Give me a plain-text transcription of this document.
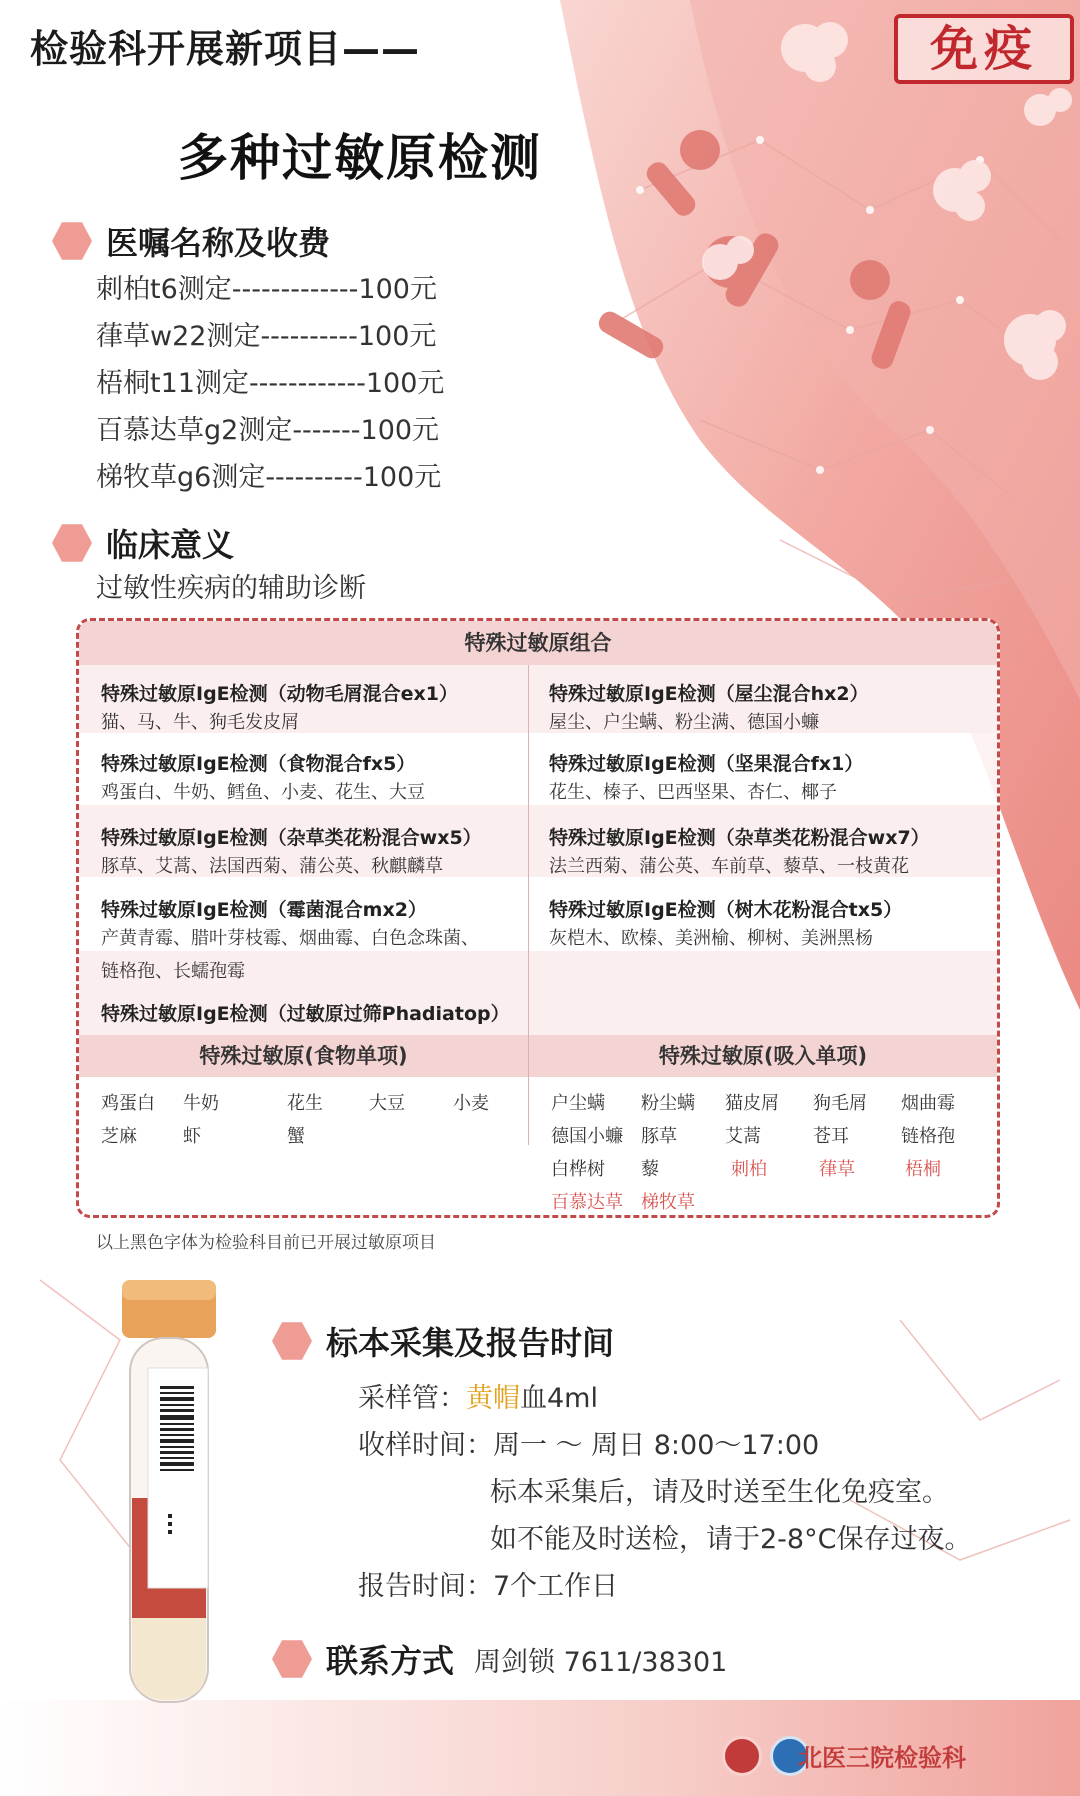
检验科开展新项目——	免疫
多种过敏原检测
医嘱名称及收费
刺柏t6测定-------------100元
葎草w22测定----------100元
梧桐t11测定------------100元
百慕达草g2测定-------100元
梯牧草g6测定----------100元
临床意义
过敏性疾病的辅助诊断
特殊过敏原组合
特殊过敏原IgE检测（动物毛屑混合ex1）
猫、马、牛、狗毛发皮屑
特殊过敏原IgE检测（屋尘混合hx2）
屋尘、户尘螨、粉尘满、德国小蠊
特殊过敏原IgE检测（食物混合fx5）
鸡蛋白、牛奶、鳕鱼、小麦、花生、大豆
特殊过敏原IgE检测（坚果混合fx1）
花生、榛子、巴西坚果、杏仁、椰子
特殊过敏原IgE检测（杂草类花粉混合wx5）
豚草、艾蒿、法国西菊、蒲公英、秋麒麟草
特殊过敏原IgE检测（杂草类花粉混合wx7）
法兰西菊、蒲公英、车前草、藜草、一枝黄花
特殊过敏原IgE检测（霉菌混合mx2）
产黄青霉、腊叶芽枝霉、烟曲霉、白色念珠菌、
链格孢、长蠕孢霉
特殊过敏原IgE检测（树木花粉混合tx5）
灰桤木、欧榛、美洲榆、柳树、美洲黑杨
特殊过敏原IgE检测（过敏原过筛Phadiatop）
特殊过敏原(食物单项)	特殊过敏原(吸入单项)
鸡蛋白 牛奶	花生	大豆	小麦
芝麻	虾	蟹
户尘螨 粉尘螨 猫皮屑 狗毛屑 烟曲霉
德国小蠊 豚草	艾蒿	苍耳	链格孢
白桦树 藜	刺柏	葎草	梧桐
百慕达草 梯牧草
以上黑色字体为检验科目前已开展过敏原项目
标本采集及报告时间
采样管：黄帽血4ml
收样时间：周一 ～ 周日 8:00～17:00
标本采集后，请及时送至生化免疫室。
如不能及时送检，请于2-8°C保存过夜。
报告时间：7个工作日
联系方式 周剑锁 7611/38301
北医三院检验科
